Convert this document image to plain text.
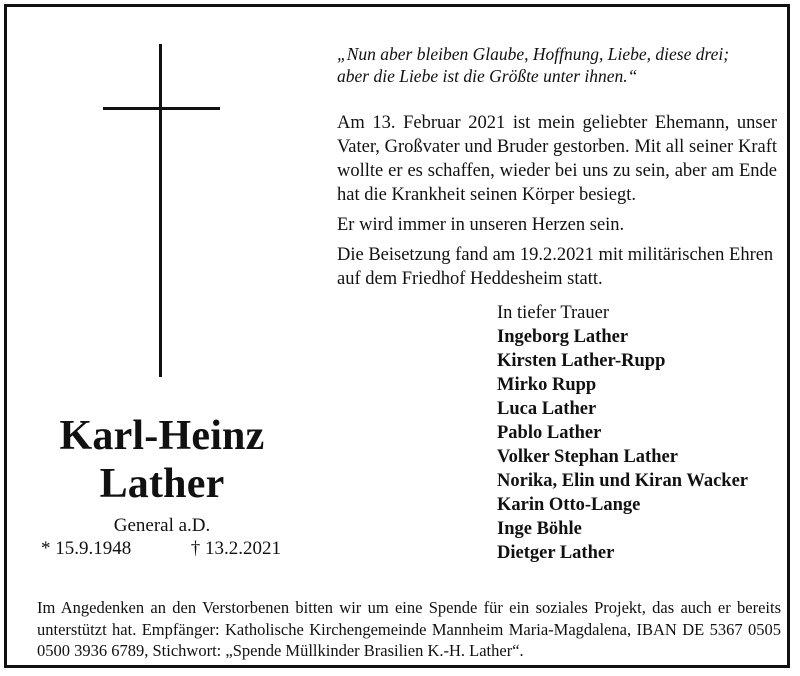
„Nun aber bleiben Glaube, Hoffnung, Liebe, diese drei;
aber die Liebe ist die Größte unter ihnen.“

Am 13. Februar 2021 ist mein geliebter Ehemann, unser Vater, Großvater und Bruder gestorben. Mit all seiner Kraft wollte er es schaffen, wieder bei uns zu sein, aber am Ende hat die Krankheit seinen Körper besiegt.

Er wird immer in unseren Herzen sein.

Die Beisetzung fand am 19.2.2021 mit militärischen Ehren auf dem Friedhof Heddesheim statt.

Karl-Heinz
Lather
General a.D.
* 15.9.1948	† 13.2.2021
In tiefer Trauer
Ingeborg Lather
Kirsten Lather-Rupp
Mirko Rupp
Luca Lather
Pablo Lather
Volker Stephan Lather
Norika, Elin und Kiran Wacker
Karin Otto-Lange
Inge Böhle
Dietger Lather
Im Angedenken an den Verstorbenen bitten wir um eine Spende für ein soziales Projekt, das auch er bereits unterstützt hat. Empfänger: Katholische Kirchengemeinde Mannheim Maria-Magdalena, IBAN DE 5367 0505 0500 3936 6789, Stichwort: „Spende Müllkinder Brasilien K.-H. Lather“.
